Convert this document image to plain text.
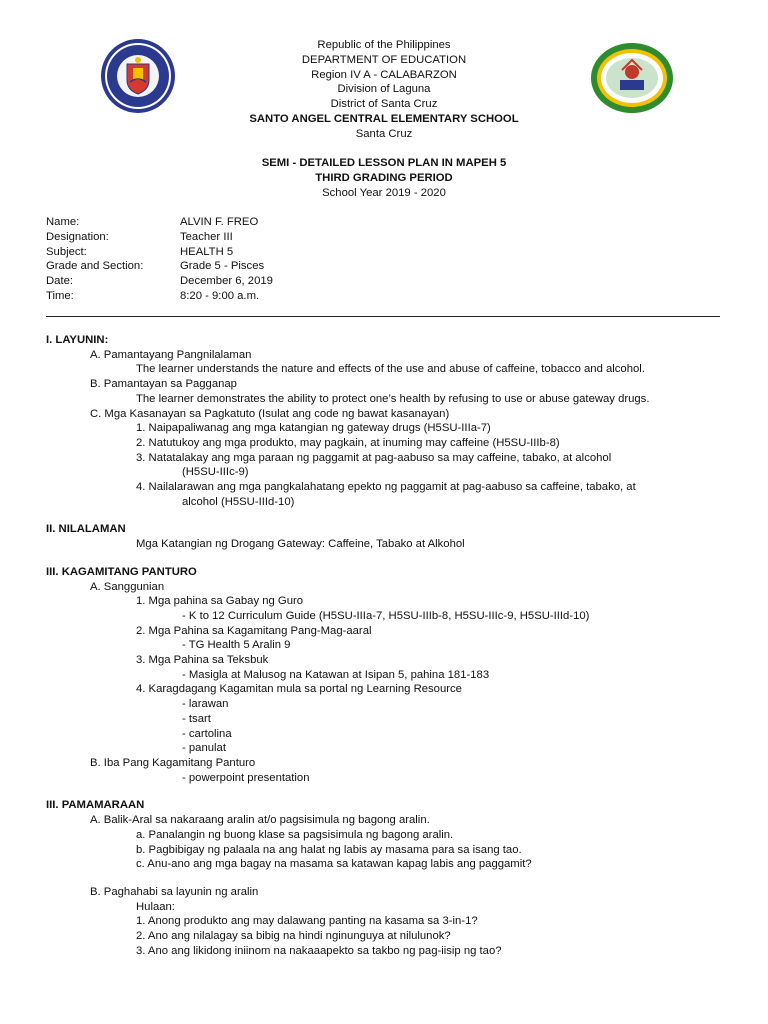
Republic of the Philippines
DEPARTMENT OF EDUCATION
Region IV A - CALABARZON
Division of Laguna
District of Santa Cruz
SANTO ANGEL CENTRAL ELEMENTARY SCHOOL
Santa Cruz
SEMI - DETAILED LESSON PLAN IN MAPEH 5
THIRD GRADING PERIOD
School Year 2019 - 2020
Name:	ALVIN F. FREO
Designation:	Teacher III
Subject:	HEALTH 5
Grade and Section:	Grade 5 - Pisces
Date:	December 6, 2019
Time:	8:20 - 9:00 a.m.
I. LAYUNIN:
A. Pamantayang Pangnilalaman
The learner understands the nature and effects of the use and abuse of caffeine, tobacco and alcohol.
B. Pamantayan sa Pagganap
The learner demonstrates the ability to protect one’s health by refusing to use or abuse gateway drugs.
C. Mga Kasanayan sa Pagkatuto (Isulat ang code ng bawat kasanayan)
1. Naipapaliwanag ang mga katangian ng gateway drugs (H5SU-IIIa-7)
2. Natutukoy ang mga produkto, may pagkain, at inuming may caffeine (H5SU-IIIb-8)
3. Natatalakay ang mga paraan ng paggamit at pag-aabuso sa may caffeine, tabako, at alcohol
(H5SU-IIIc-9)
4. Nailalarawan ang mga pangkalahatang epekto ng paggamit at pag-aabuso sa caffeine, tabako, at
alcohol (H5SU-IIId-10)
II. NILALAMAN
Mga Katangian ng Drogang Gateway: Caffeine, Tabako at Alkohol
III. KAGAMITANG PANTURO
A. Sanggunian
1. Mga pahina sa Gabay ng Guro
- K to 12 Curriculum Guide (H5SU-IIIa-7, H5SU-IIIb-8, H5SU-IIIc-9, H5SU-IIId-10)
2. Mga Pahina sa Kagamitang Pang-Mag-aaral
- TG Health 5 Aralin 9
3. Mga Pahina sa Teksbuk
- Masigla at Malusog na Katawan at Isipan 5, pahina 181-183
4. Karagdagang Kagamitan mula sa portal ng Learning Resource
- larawan
- tsart
- cartolina
- panulat
B. Iba Pang Kagamitang Panturo
- powerpoint presentation
III. PAMAMARAAN
A. Balik-Aral sa nakaraang aralin at/o pagsisimula ng bagong aralin.
a. Panalangin ng buong klase sa pagsisimula ng bagong aralin.
b. Pagbibigay ng palaala na ang halat ng labis ay masama para sa isang tao.
c. Anu-ano ang mga bagay na masama sa katawan kapag labis ang paggamit?
B. Paghahabi sa layunin ng aralin
Hulaan:
1. Anong produkto ang may dalawang panting na kasama sa 3-in-1?
2. Ano ang nilalagay sa bibig na hindi nginunguya at nilulunok?
3. Ano ang likidong iniinom na nakaaapekto sa takbo ng pag-iisip ng tao?
